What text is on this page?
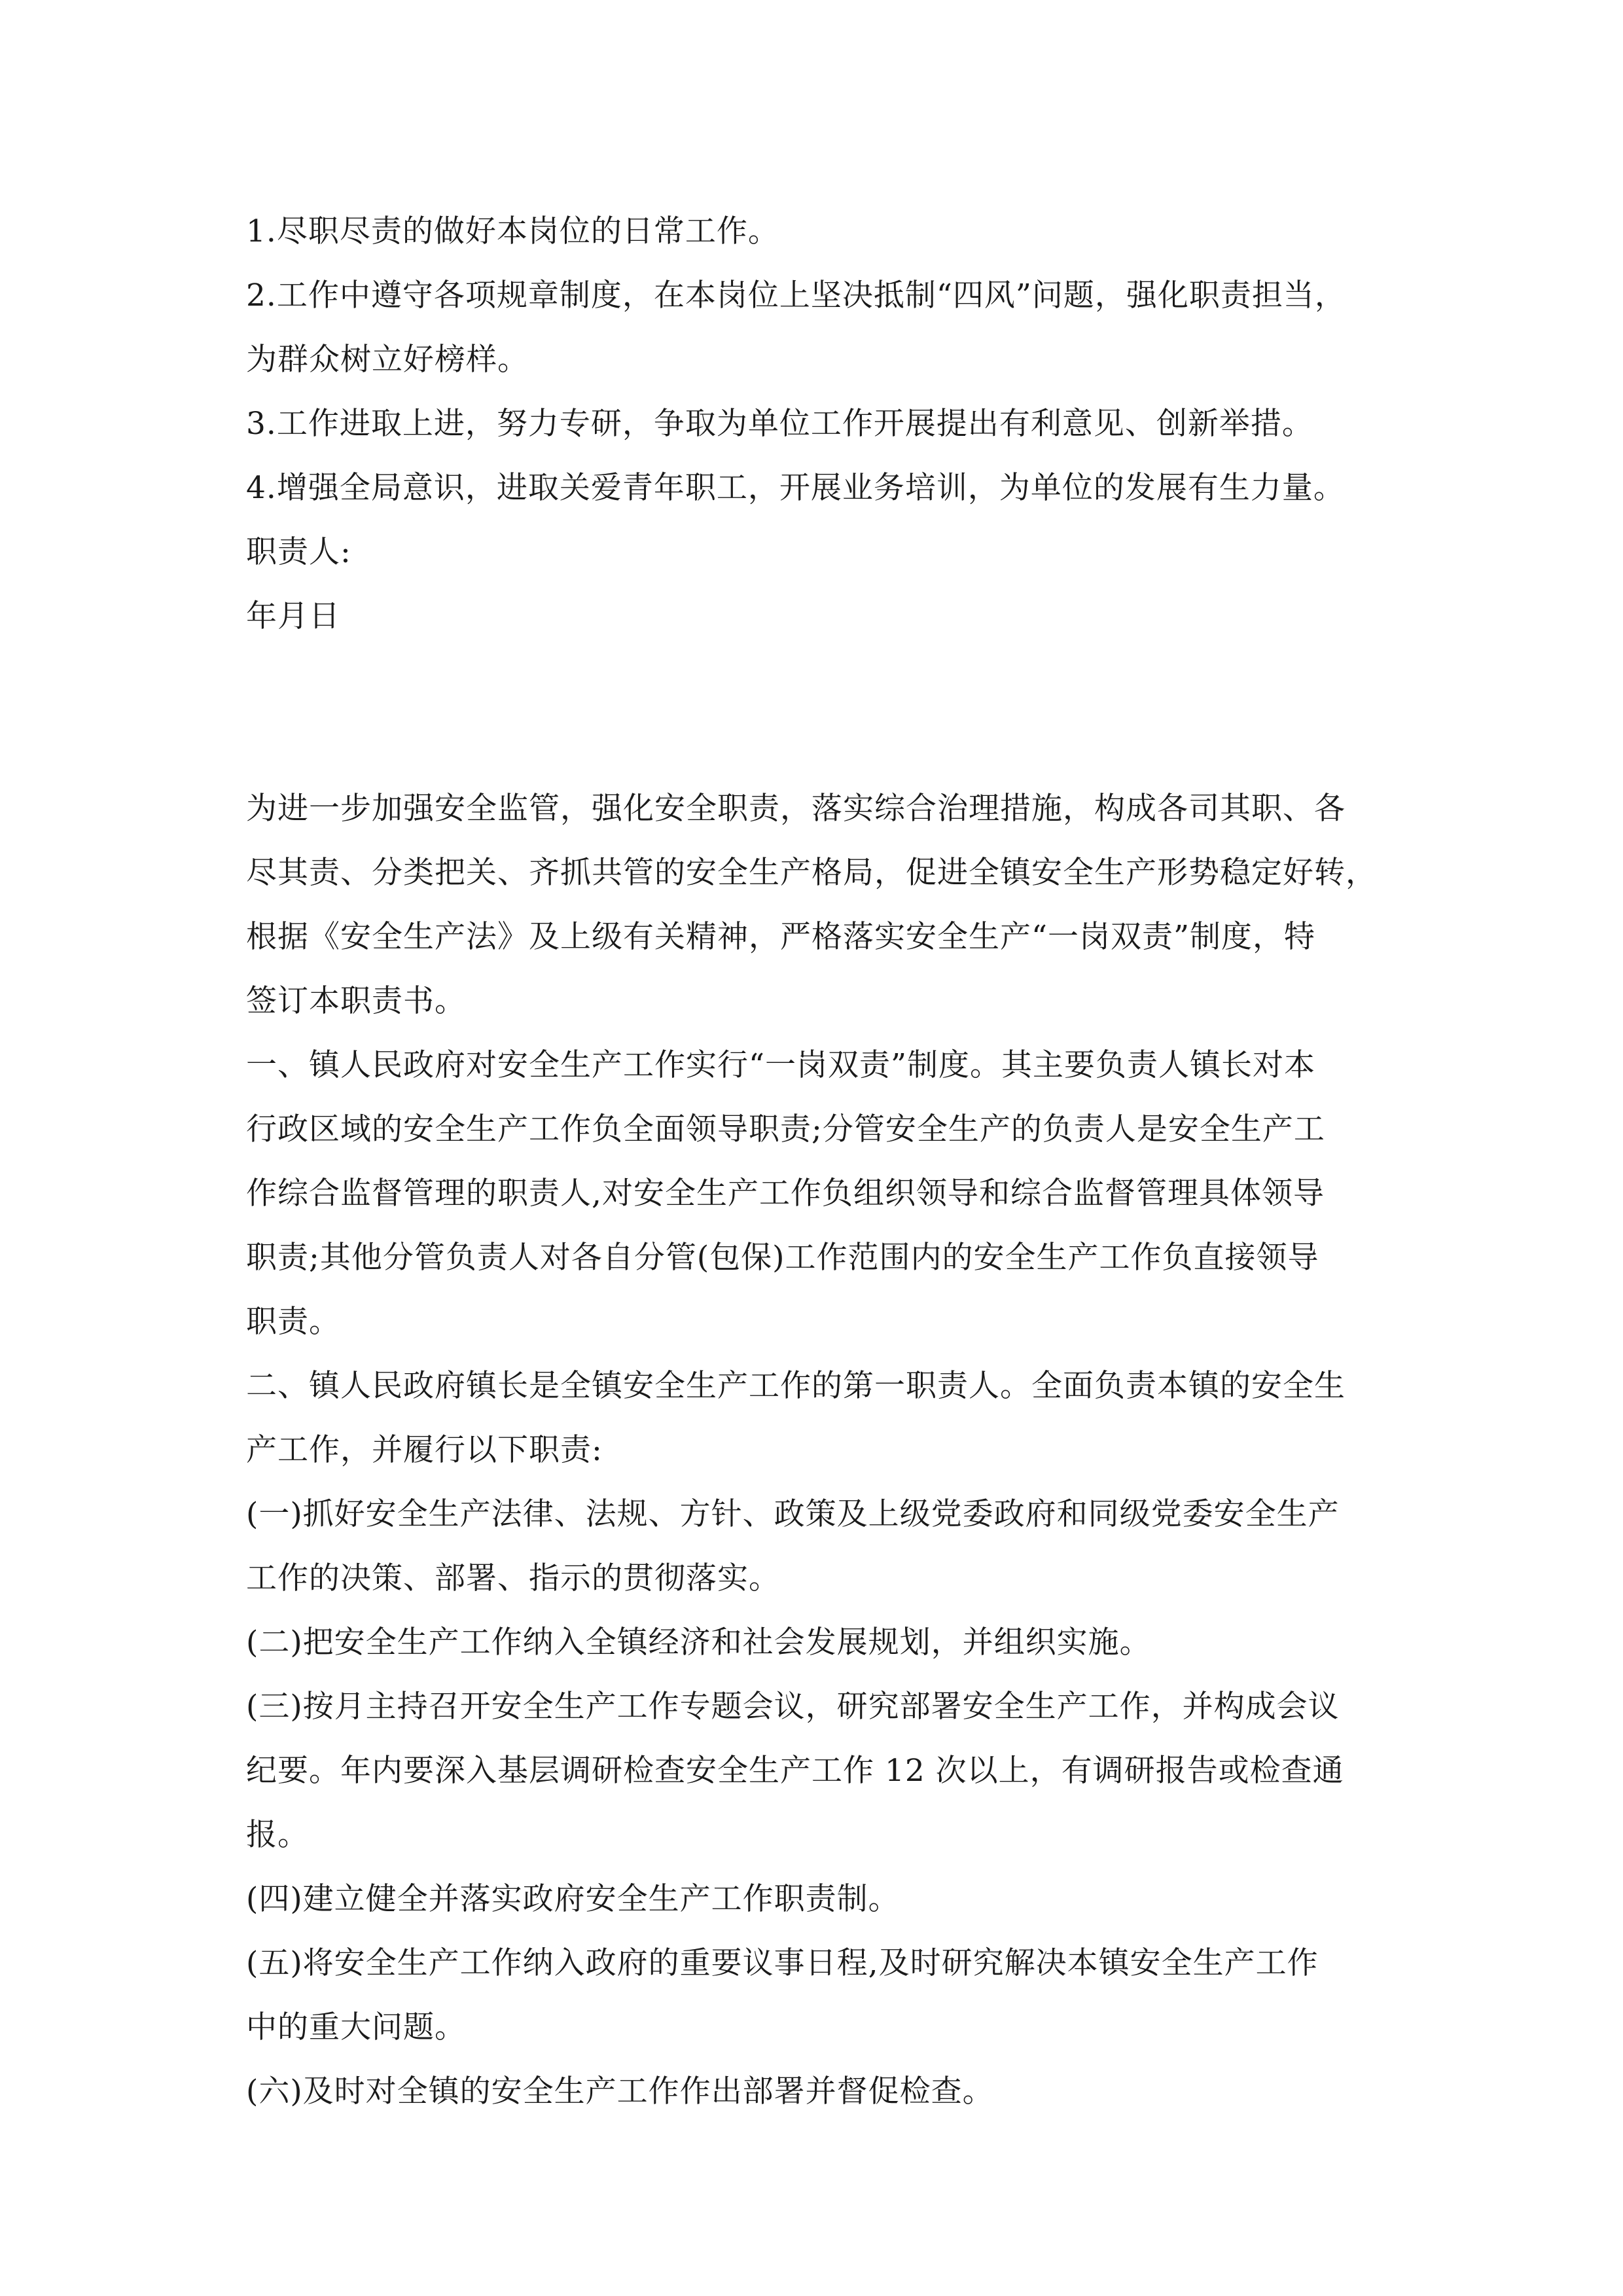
1.尽职尽责的做好本岗位的日常工作。
2.工作中遵守各项规章制度，在本岗位上坚决抵制“四风”问题，强化职责担当，
为群众树立好榜样。
3.工作进取上进，努力专研，争取为单位工作开展提出有利意见、创新举措。
4.增强全局意识，进取关爱青年职工，开展业务培训，为单位的发展有生力量。
职责人:
年月日
为进一步加强安全监管，强化安全职责，落实综合治理措施，构成各司其职、各
尽其责、分类把关、齐抓共管的安全生产格局，促进全镇安全生产形势稳定好转，
根据《安全生产法》及上级有关精神，严格落实安全生产“一岗双责”制度，特
签订本职责书。
一、镇人民政府对安全生产工作实行“一岗双责”制度。其主要负责人镇长对本
行政区域的安全生产工作负全面领导职责;分管安全生产的负责人是安全生产工
作综合监督管理的职责人,对安全生产工作负组织领导和综合监督管理具体领导
职责;其他分管负责人对各自分管(包保)工作范围内的安全生产工作负直接领导
职责。
二、镇人民政府镇长是全镇安全生产工作的第一职责人。全面负责本镇的安全生
产工作，并履行以下职责:
(一)抓好安全生产法律、法规、方针、政策及上级党委政府和同级党委安全生产
工作的决策、部署、指示的贯彻落实。
(二)把安全生产工作纳入全镇经济和社会发展规划，并组织实施。
(三)按月主持召开安全生产工作专题会议，研究部署安全生产工作，并构成会议
纪要。年内要深入基层调研检查安全生产工作 12 次以上，有调研报告或检查通
报。
(四)建立健全并落实政府安全生产工作职责制。
(五)将安全生产工作纳入政府的重要议事日程,及时研究解决本镇安全生产工作
中的重大问题。
(六)及时对全镇的安全生产工作作出部署并督促检查。
